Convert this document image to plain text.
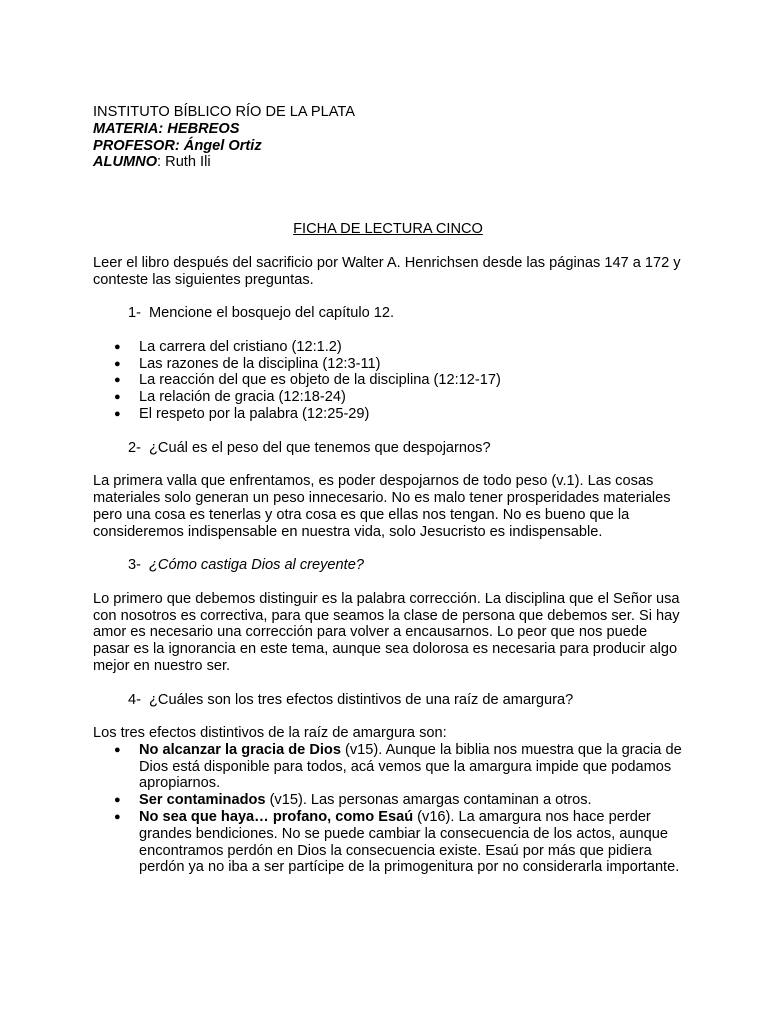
INSTITUTO BÍBLICO RÍO DE LA PLATA
MATERIA: HEBREOS
PROFESOR: Ángel Ortiz
ALUMNO: Ruth Ili
FICHA DE LECTURA CINCO

Leer el libro después del sacrificio por Walter A. Henrichsen desde las páginas 147 a 172 y conteste las siguientes preguntas.

1- Mencione el bosquejo del capítulo 12.
● La carrera del cristiano (12:1.2)
● Las razones de la disciplina (12:3-11)
● La reacción del que es objeto de la disciplina (12:12-17)
● La relación de gracia (12:18-24)
● El respeto por la palabra (12:25-29)
2- ¿Cuál es el peso del que tenemos que despojarnos?

La primera valla que enfrentamos, es poder despojarnos de todo peso (v.1). Las cosas materiales solo generan un peso innecesario. No es malo tener prosperidades materiales pero una cosa es tenerlas y otra cosa es que ellas nos tengan. No es bueno que la consideremos indispensable en nuestra vida, solo Jesucristo es indispensable.

3- ¿Cómo castiga Dios al creyente?

Lo primero que debemos distinguir es la palabra corrección. La disciplina que el Señor usa con nosotros es correctiva, para que seamos la clase de persona que debemos ser. Si hay amor es necesario una corrección para volver a encausarnos. Lo peor que nos puede pasar es la ignorancia en este tema, aunque sea dolorosa es necesaria para producir algo mejor en nuestro ser.

4- ¿Cuáles son los tres efectos distintivos de una raíz de amargura?

Los tres efectos distintivos de la raíz de amargura son:

● No alcanzar la gracia de Dios (v15). Aunque la biblia nos muestra que la gracia de Dios está disponible para todos, acá vemos que la amargura impide que podamos apropiarnos.
● Ser contaminados (v15). Las personas amargas contaminan a otros.
● No sea que haya… profano, como Esaú (v16). La amargura nos hace perder grandes bendiciones. No se puede cambiar la consecuencia de los actos, aunque encontramos perdón en Dios la consecuencia existe. Esaú por más que pidiera perdón ya no iba a ser partícipe de la primogenitura por no considerarla importante.
